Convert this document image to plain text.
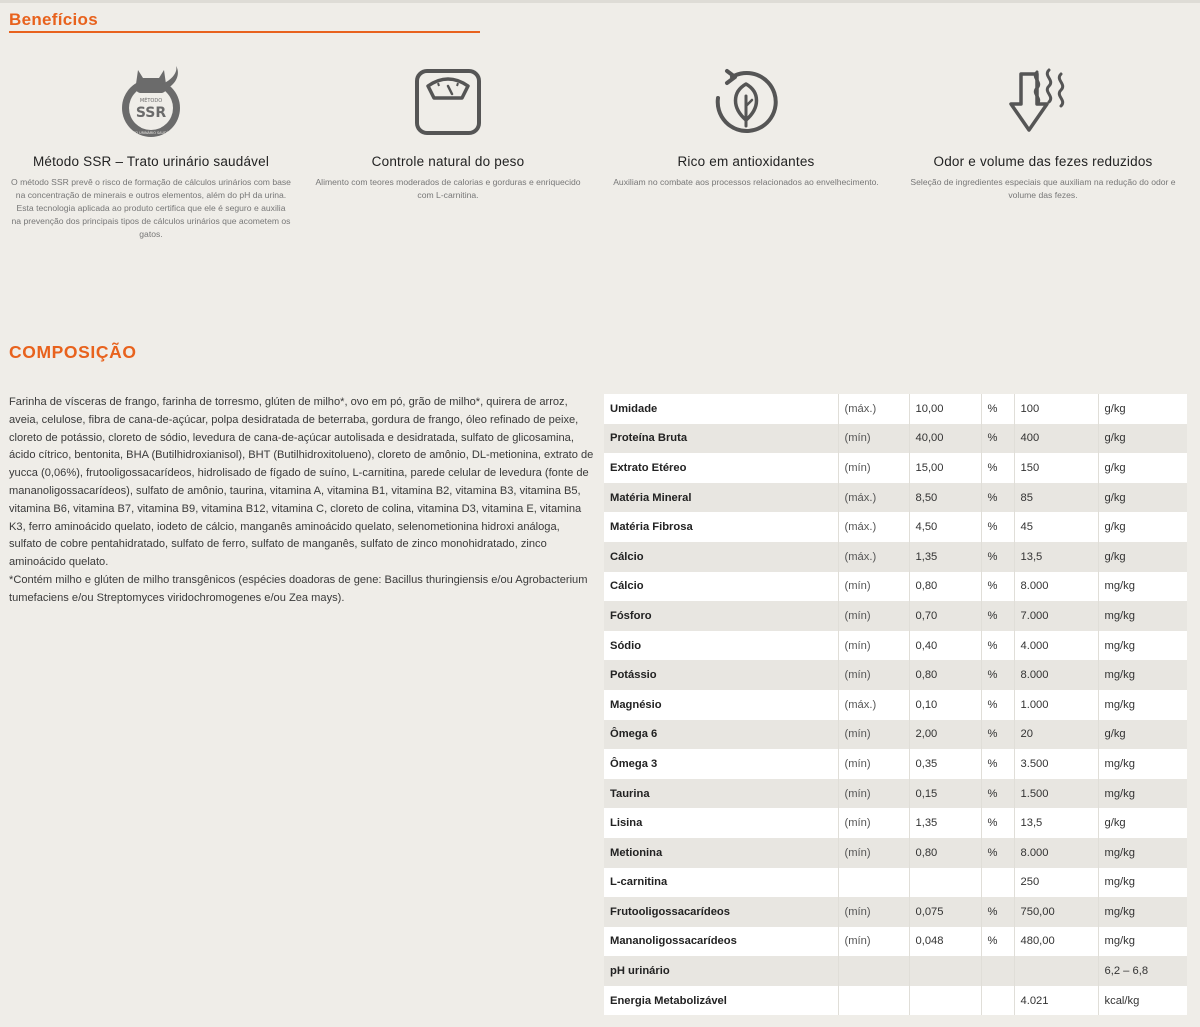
Benefícios
MÉTODO
SSR
TRATO URINÁRIO SAUDÁVEL
Método SSR – Trato urinário saudável

O método SSR prevê o risco de formação de cálculos urinários com base na concentração de minerais e outros elementos, além do pH da urina. Esta tecnologia aplicada ao produto certifica que ele é seguro e auxilia na prevenção dos principais tipos de cálculos urinários que acometem os gatos.

Controle natural do peso

Alimento com teores moderados de calorias e gorduras e enriquecido com L-carnitina.

Rico em antioxidantes

Auxiliam no combate aos processos relacionados ao envelhecimento.

Odor e volume das fezes reduzidos

Seleção de ingredientes especiais que auxiliam na redução do odor e volume das fezes.

COMPOSIÇÃO

Farinha de vísceras de frango, farinha de torresmo, glúten de milho*, ovo em pó, grão de milho*, quirera de arroz, aveia, celulose, fibra de cana-de-açúcar, polpa desidratada de beterraba, gordura de frango, óleo refinado de peixe, cloreto de potássio, cloreto de sódio, levedura de cana-de-açúcar autolisada e desidratada, sulfato de glicosamina, ácido cítrico, bentonita, BHA (Butilhidroxianisol), BHT (Butilhidroxitolueno), cloreto de amônio, DL-metionina, extrato de yucca (0,06%), frutooligossacarídeos, hidrolisado de fígado de suíno, L-carnitina, parede celular de levedura (fonte de mananoligossacarídeos), sulfato de amônio, taurina, vitamina A, vitamina B1, vitamina B2, vitamina B3, vitamina B5, vitamina B6, vitamina B7, vitamina B9, vitamina B12, vitamina C, cloreto de colina, vitamina D3, vitamina E, vitamina K3, ferro aminoácido quelato, iodeto de cálcio, manganês aminoácido quelato, selenometionina hidroxi análoga, sulfato de cobre pentahidratado, sulfato de ferro, sulfato de manganês, sulfato de zinco monohidratado, zinco aminoácido quelato.

*Contém milho e glúten de milho transgênicos (espécies doadoras de gene: Bacillus thuringiensis e/ou Agrobacterium tumefaciens e/ou Streptomyces viridochromogenes e/ou Zea mays).

Umidade	(máx.)	10,00	%	100	g/kg
Proteína Bruta	(mín)	40,00	%	400	g/kg
Extrato Etéreo	(mín)	15,00	%	150	g/kg
Matéria Mineral	(máx.)	8,50	%	85	g/kg
Matéria Fibrosa	(máx.)	4,50	%	45	g/kg
Cálcio	(máx.)	1,35	%	13,5	g/kg
Cálcio	(mín)	0,80	%	8.000	mg/kg
Fósforo	(mín)	0,70	%	7.000	mg/kg
Sódio	(mín)	0,40	%	4.000	mg/kg
Potássio	(mín)	0,80	%	8.000	mg/kg
Magnésio	(máx.)	0,10	%	1.000	mg/kg
Ômega 6	(mín)	2,00	%	20	g/kg
Ômega 3	(mín)	0,35	%	3.500	mg/kg
Taurina	(mín)	0,15	%	1.500	mg/kg
Lisina	(mín)	1,35	%	13,5	g/kg
Metionina	(mín)	0,80	%	8.000	mg/kg
L-carnitina				250	mg/kg
Frutooligossacarídeos	(mín)	0,075	%	750,00	mg/kg
Mananoligossacarídeos	(mín)	0,048	%	480,00	mg/kg
pH urinário					6,2 – 6,8
Energia Metabolizável				4.021	kcal/kg
